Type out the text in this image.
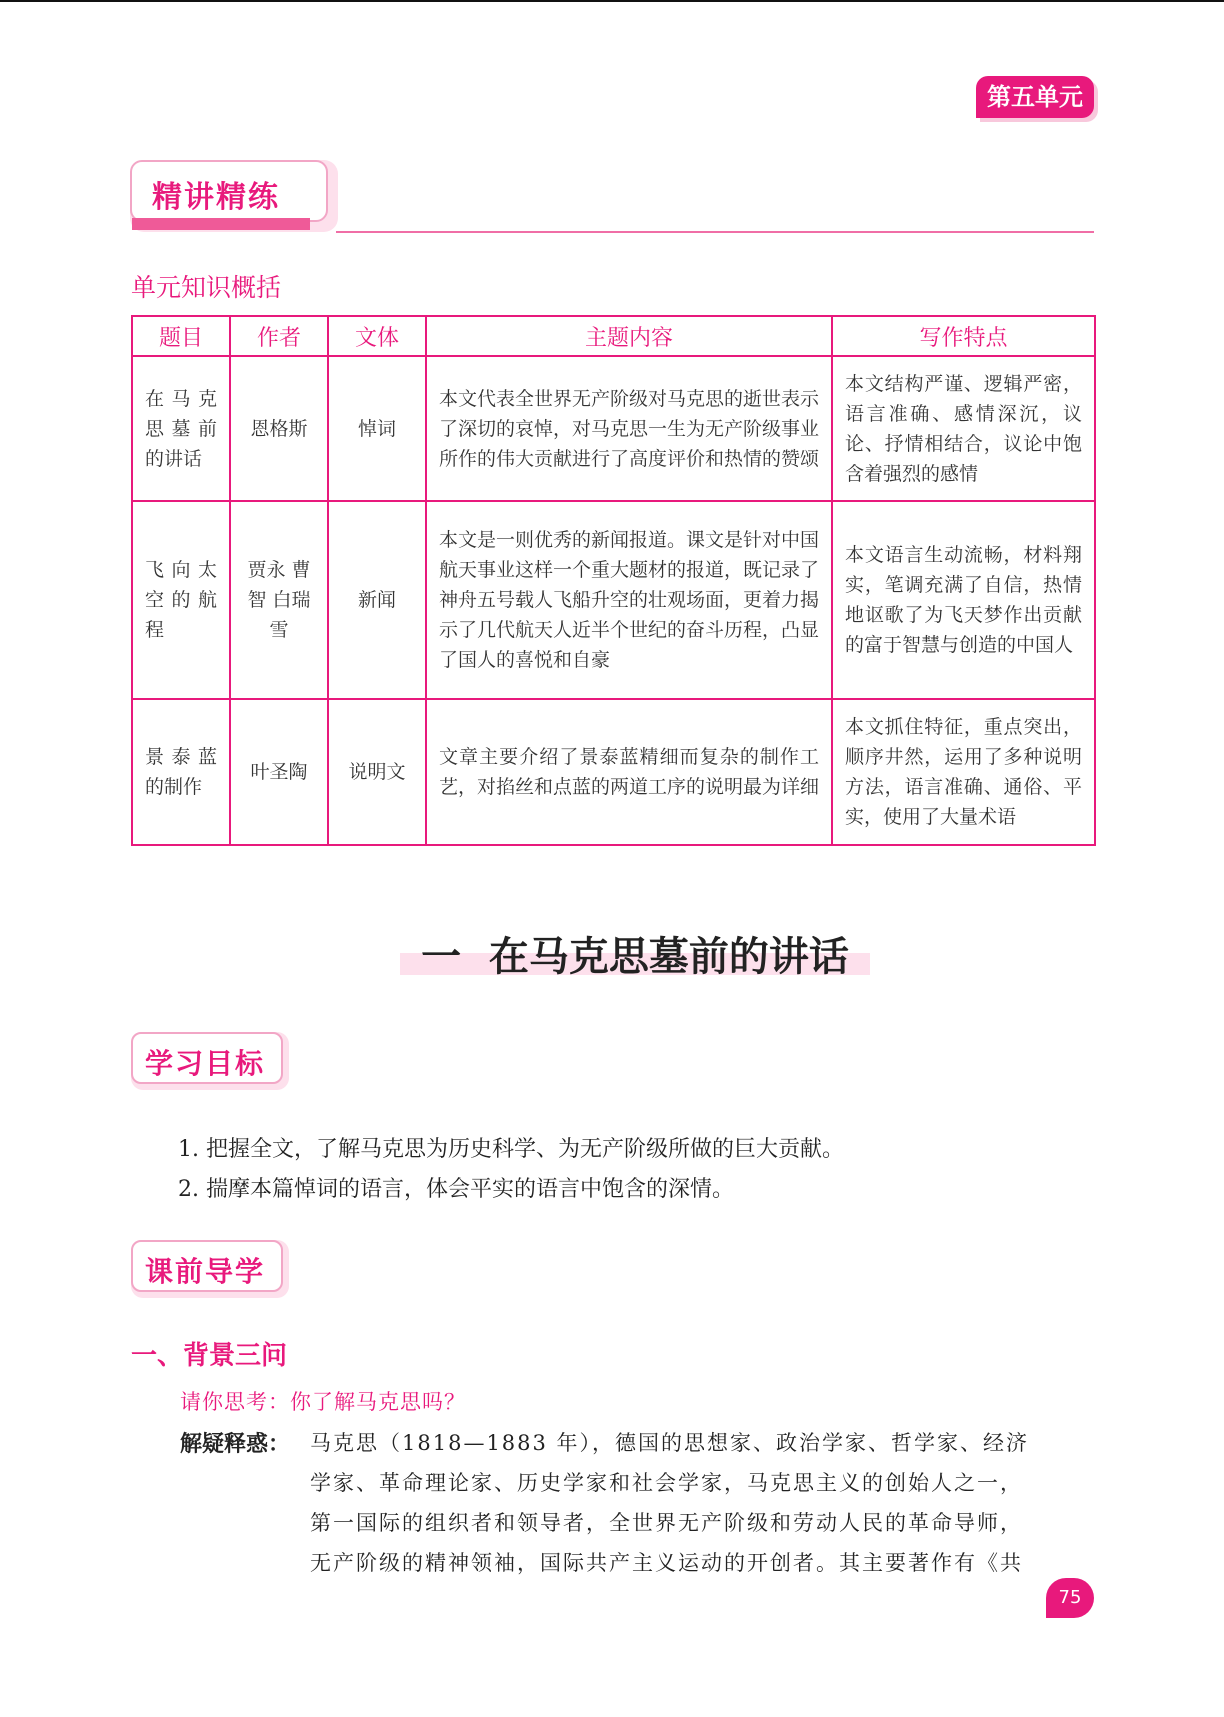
第五单元
精讲精练
单元知识概括
题目	作者	文体	主题内容	写作特点
在马克思墓前的讲话	恩格斯	悼词	本文代表全世界无产阶级对马克思的逝世表示了深切的哀悼，对马克思一生为无产阶级事业所作的伟大贡献进行了高度评价和热情的赞颂	本文结构严谨、逻辑严密，语言准确、感情深沉，议论、抒情相结合，议论中饱含着强烈的感情
飞向太空的航程	贾永 曹智 白瑞雪	新闻	本文是一则优秀的新闻报道。课文是针对中国航天事业这样一个重大题材的报道，既记录了神舟五号载人飞船升空的壮观场面，更着力揭示了几代航天人近半个世纪的奋斗历程，凸显了国人的喜悦和自豪	本文语言生动流畅，材料翔实，笔调充满了自信，热情地讴歌了为飞天梦作出贡献的富于智慧与创造的中国人
景泰蓝的制作	叶圣陶	说明文	文章主要介绍了景泰蓝精细而复杂的制作工艺，对掐丝和点蓝的两道工序的说明最为详细	本文抓住特征，重点突出，顺序井然，运用了多种说明方法，语言准确、通俗、平实，使用了大量术语
一  在马克思墓前的讲话
学习目标
1. 把握全文，了解马克思为历史科学、为无产阶级所做的巨大贡献。
2. 揣摩本篇悼词的语言，体会平实的语言中饱含的深情。
课前导学
一、背景三问
请你思考：你了解马克思吗？
解疑释惑： 马克思（1818—1883 年），德国的思想家、政治学家、哲学家、经济
学家、革命理论家、历史学家和社会学家，马克思主义的创始人之一，
第一国际的组织者和领导者，全世界无产阶级和劳动人民的革命导师，
无产阶级的精神领袖，国际共产主义运动的开创者。其主要著作有《共
75
